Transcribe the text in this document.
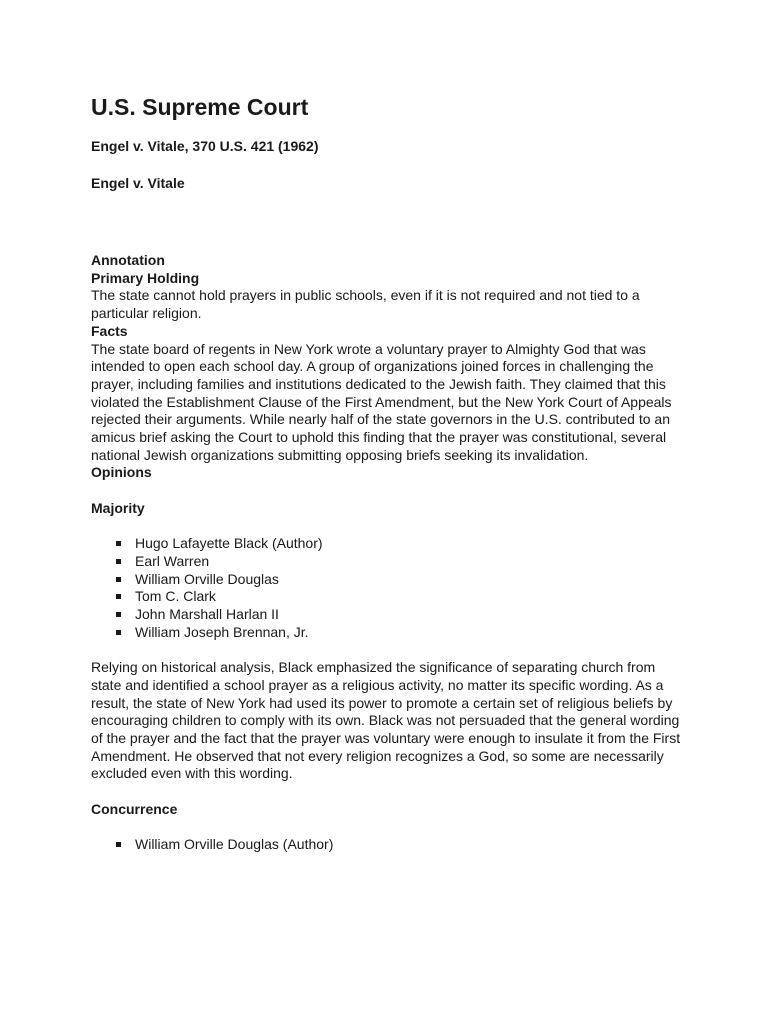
U.S. Supreme Court

Engel v. Vitale, 370 U.S. 421 (1962)

Engel v. Vitale

Annotation

Primary Holding

The state cannot hold prayers in public schools, even if it is not required and not tied to a particular religion.

Facts

The state board of regents in New York wrote a voluntary prayer to Almighty God that was intended to open each school day. A group of organizations joined forces in challenging the prayer, including families and institutions dedicated to the Jewish faith. They claimed that this violated the Establishment Clause of the First Amendment, but the New York Court of Appeals rejected their arguments. While nearly half of the state governors in the U.S. contributed to an amicus brief asking the Court to uphold this finding that the prayer was constitutional, several national Jewish organizations submitting opposing briefs seeking its invalidation.

Opinions

Majority

Hugo Lafayette Black (Author)
Earl Warren
William Orville Douglas
Tom C. Clark
John Marshall Harlan II
William Joseph Brennan, Jr.

Relying on historical analysis, Black emphasized the significance of separating church from state and identified a school prayer as a religious activity, no matter its specific wording. As a result, the state of New York had used its power to promote a certain set of religious beliefs by encouraging children to comply with its own. Black was not persuaded that the general wording of the prayer and the fact that the prayer was voluntary were enough to insulate it from the First Amendment. He observed that not every religion recognizes a God, so some are necessarily excluded even with this wording.

Concurrence

William Orville Douglas (Author)
